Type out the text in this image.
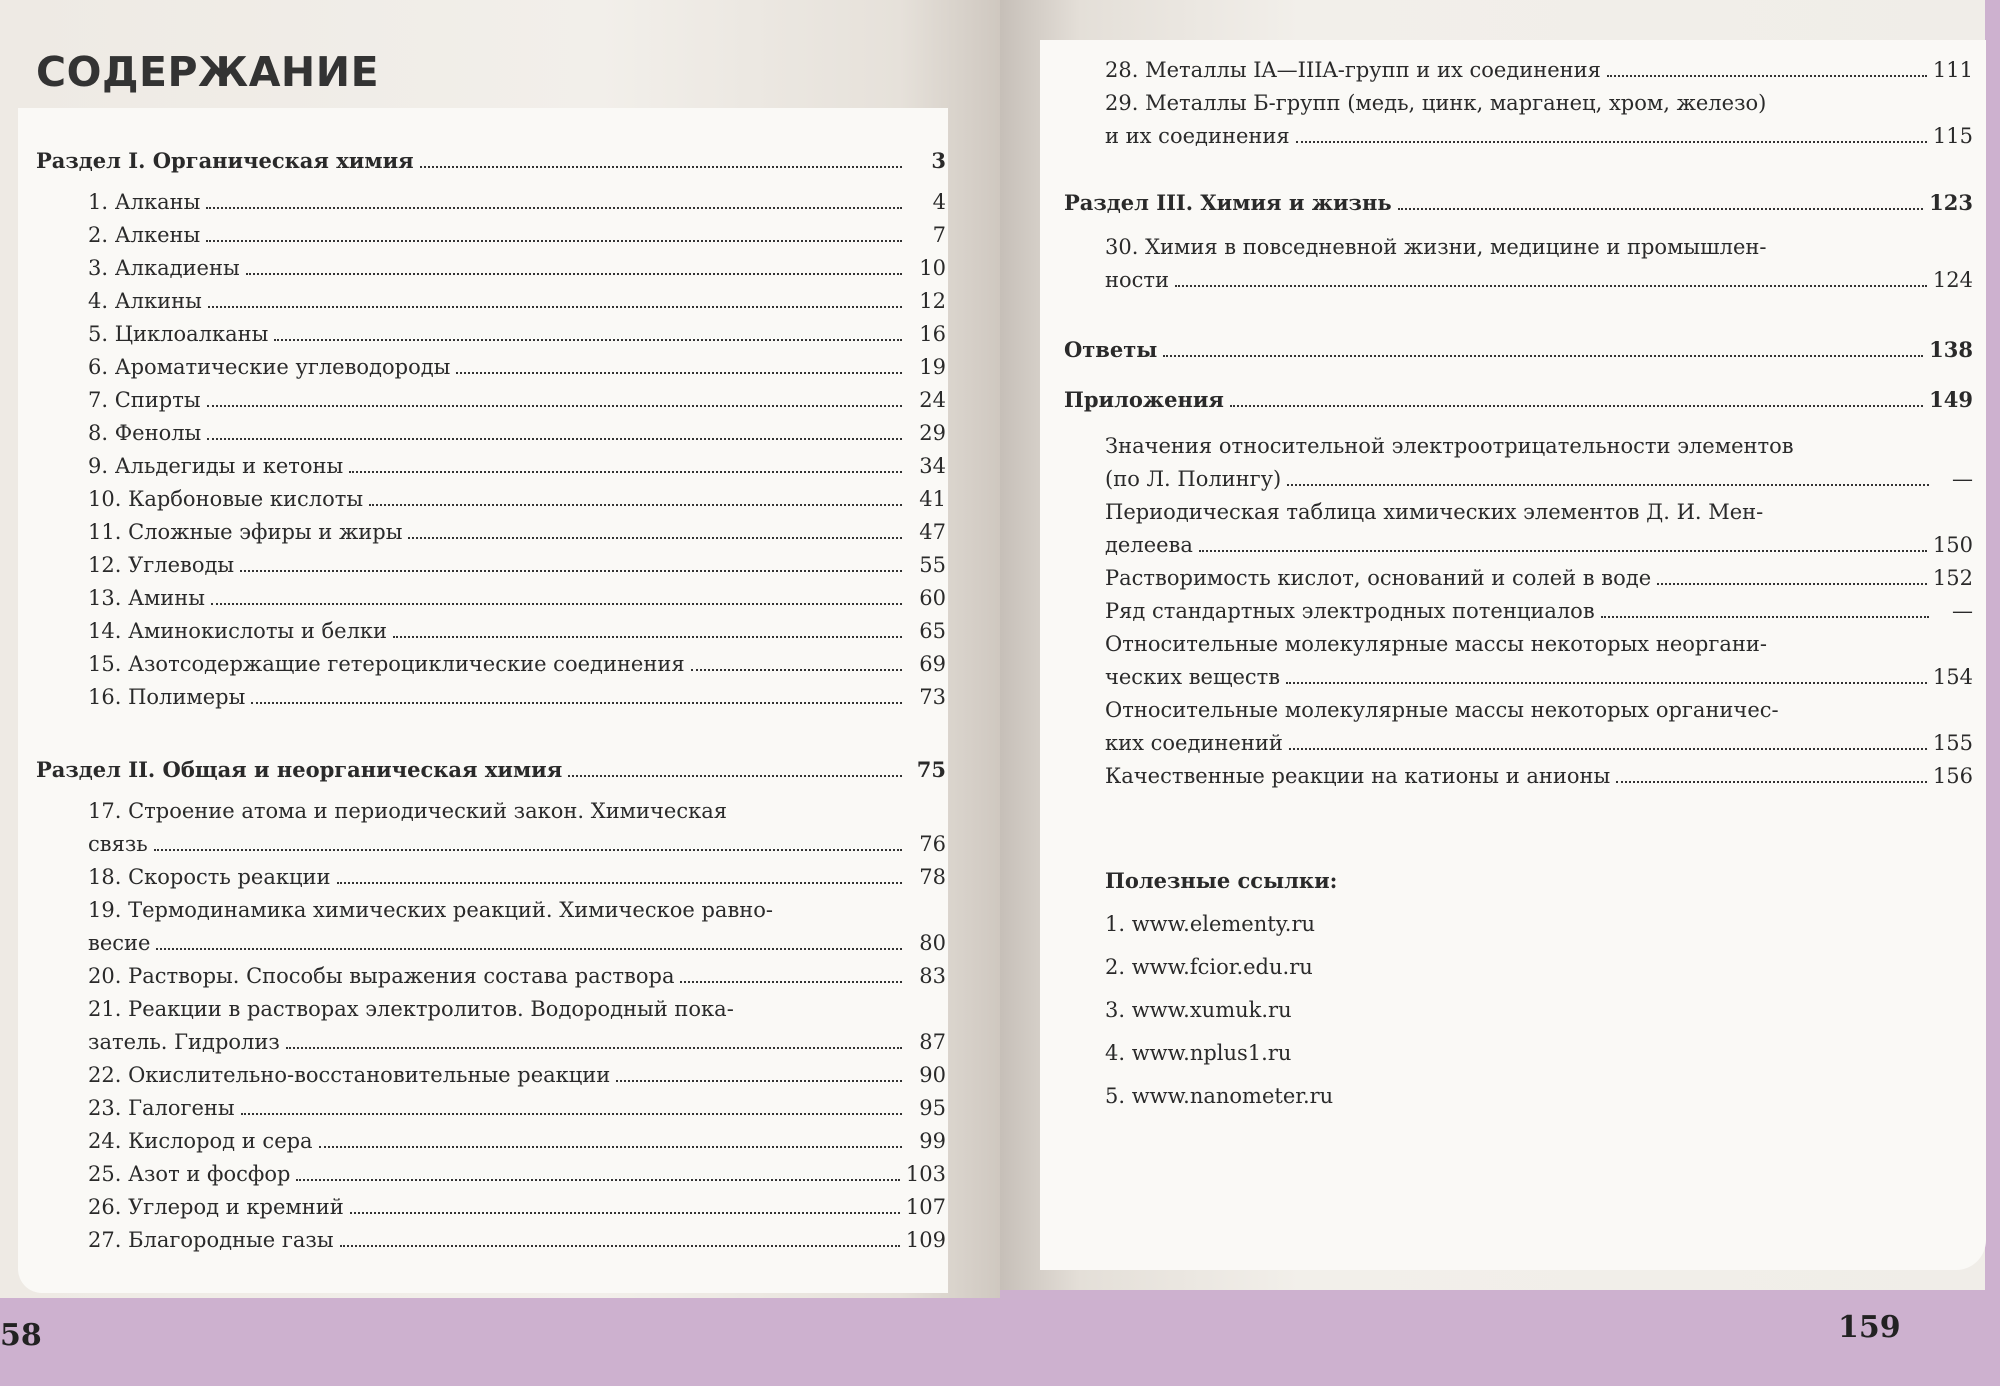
СОДЕРЖАНИЕ
Раздел I. Органическая химия	3
1. Алканы	4
2. Алкены	7
3. Алкадиены	10
4. Алкины	12
5. Циклоалканы	16
6. Ароматические углеводороды	19
7. Спирты	24
8. Фенолы	29
9. Альдегиды и кетоны	34
10. Карбоновые кислоты	41
11. Сложные эфиры и жиры	47
12. Углеводы	55
13. Амины	60
14. Аминокислоты и белки	65
15. Азотсодержащие гетероциклические соединения	69
16. Полимеры	73
Раздел II. Общая и неорганическая химия	75
17. Строение атома и периодический закон. Химическая
связь	76
18. Скорость реакции	78
19. Термодинамика химических реакций. Химическое равно-
весие	80
20. Растворы. Способы выражения состава раствора	83
21. Реакции в растворах электролитов. Водородный пока-
затель. Гидролиз	87
22. Окислительно-восстановительные реакции	90
23. Галогены	95
24. Кислород и сера	99
25. Азот и фосфор	103
26. Углерод и кремний	107
27. Благородные газы	109
58
28. Металлы IA—IIIA-групп и их соединения	111
29. Металлы Б-групп (медь, цинк, марганец, хром, железо)
и их соединения	115
Раздел III. Химия и жизнь	123
30. Химия в повседневной жизни, медицине и промышлен-
ности	124
Ответы	138
Приложения	149
Значения относительной электроотрицательности элементов
(по Л. Полингу)	—
Периодическая таблица химических элементов Д. И. Мен-
делеева	150
Растворимость кислот, оснований и солей в воде	152
Ряд стандартных электродных потенциалов	—
Относительные молекулярные массы некоторых неоргани-
ческих веществ	154
Относительные молекулярные массы некоторых органичес-
ких соединений	155
Качественные реакции на катионы и анионы	156
Полезные ссылки:
1. www.elementy.ru
2. www.fcior.edu.ru
3. www.xumuk.ru
4. www.nplus1.ru
5. www.nanometer.ru
159
